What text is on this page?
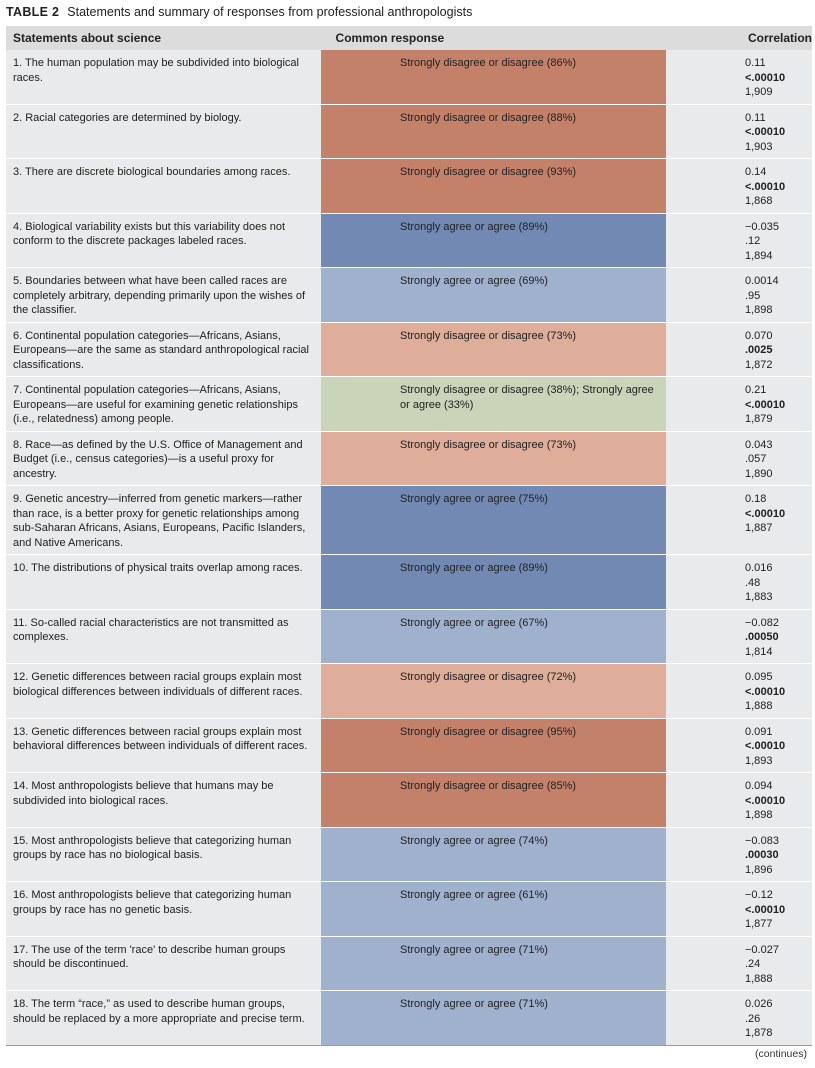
TABLE 2 Statements and summary of responses from professional anthropologists
Statements about science	Common response	Correlation
1. The human population may be subdivided into biological races.
Strongly disagree or disagree (86%)	0.11
<.00010
1,909
2. Racial categories are determined by biology.	Strongly disagree or disagree (88%)	0.11
<.00010
1,903
3. There are discrete biological boundaries among races.	Strongly disagree or disagree (93%)	0.14
<.00010
1,868
4. Biological variability exists but this variability does not conform to the discrete packages labeled races.
Strongly agree or agree (89%)	−0.035
.12
1,894
5. Boundaries between what have been called races are completely arbitrary, depending primarily upon the wishes of the classifier.
Strongly agree or agree (69%)	0.0014
.95
1,898
6. Continental population categories—Africans, Asians, Europeans—are the same as standard anthropological racial classifications.
Strongly disagree or disagree (73%)	0.070
.0025
1,872
7. Continental population categories—Africans, Asians, Europeans—are useful for examining genetic relationships (i.e., relatedness) among people.
Strongly disagree or disagree (38%); Strongly agree or agree (33%)
0.21
<.00010
1,879
8. Race—as defined by the U.S. Office of Management and Budget (i.e., census categories)—is a useful proxy for ancestry.
Strongly disagree or disagree (73%)	0.043
.057
1,890
9. Genetic ancestry—inferred from genetic markers—rather than race, is a better proxy for genetic relationships among sub-Saharan Africans, Asians, Europeans, Pacific Islanders, and Native Americans.
Strongly agree or agree (75%)	0.18
<.00010
1,887
10. The distributions of physical traits overlap among races.	Strongly agree or agree (89%)	0.016
.48
1,883
11. So-called racial characteristics are not transmitted as complexes.
Strongly agree or agree (67%)	−0.082
.00050
1,814
12. Genetic differences between racial groups explain most biological differences between individuals of different races.
Strongly disagree or disagree (72%)	0.095
<.00010
1,888
13. Genetic differences between racial groups explain most behavioral differences between individuals of different races.
Strongly disagree or disagree (95%)	0.091
<.00010
1,893
14. Most anthropologists believe that humans may be subdivided into biological races.
Strongly disagree or disagree (85%)	0.094
<.00010
1,898
15. Most anthropologists believe that categorizing human groups by race has no biological basis.
Strongly agree or agree (74%)	−0.083
.00030
1,896
16. Most anthropologists believe that categorizing human groups by race has no genetic basis.
Strongly agree or agree (61%)	−0.12
<.00010
1,877
17. The use of the term 'race' to describe human groups should be discontinued.
Strongly agree or agree (71%)	−0.027
.24
1,888
18. The term “race,” as used to describe human groups, should be replaced by a more appropriate and precise term.
Strongly agree or agree (71%)	0.026
.26
1,878
(continues)
